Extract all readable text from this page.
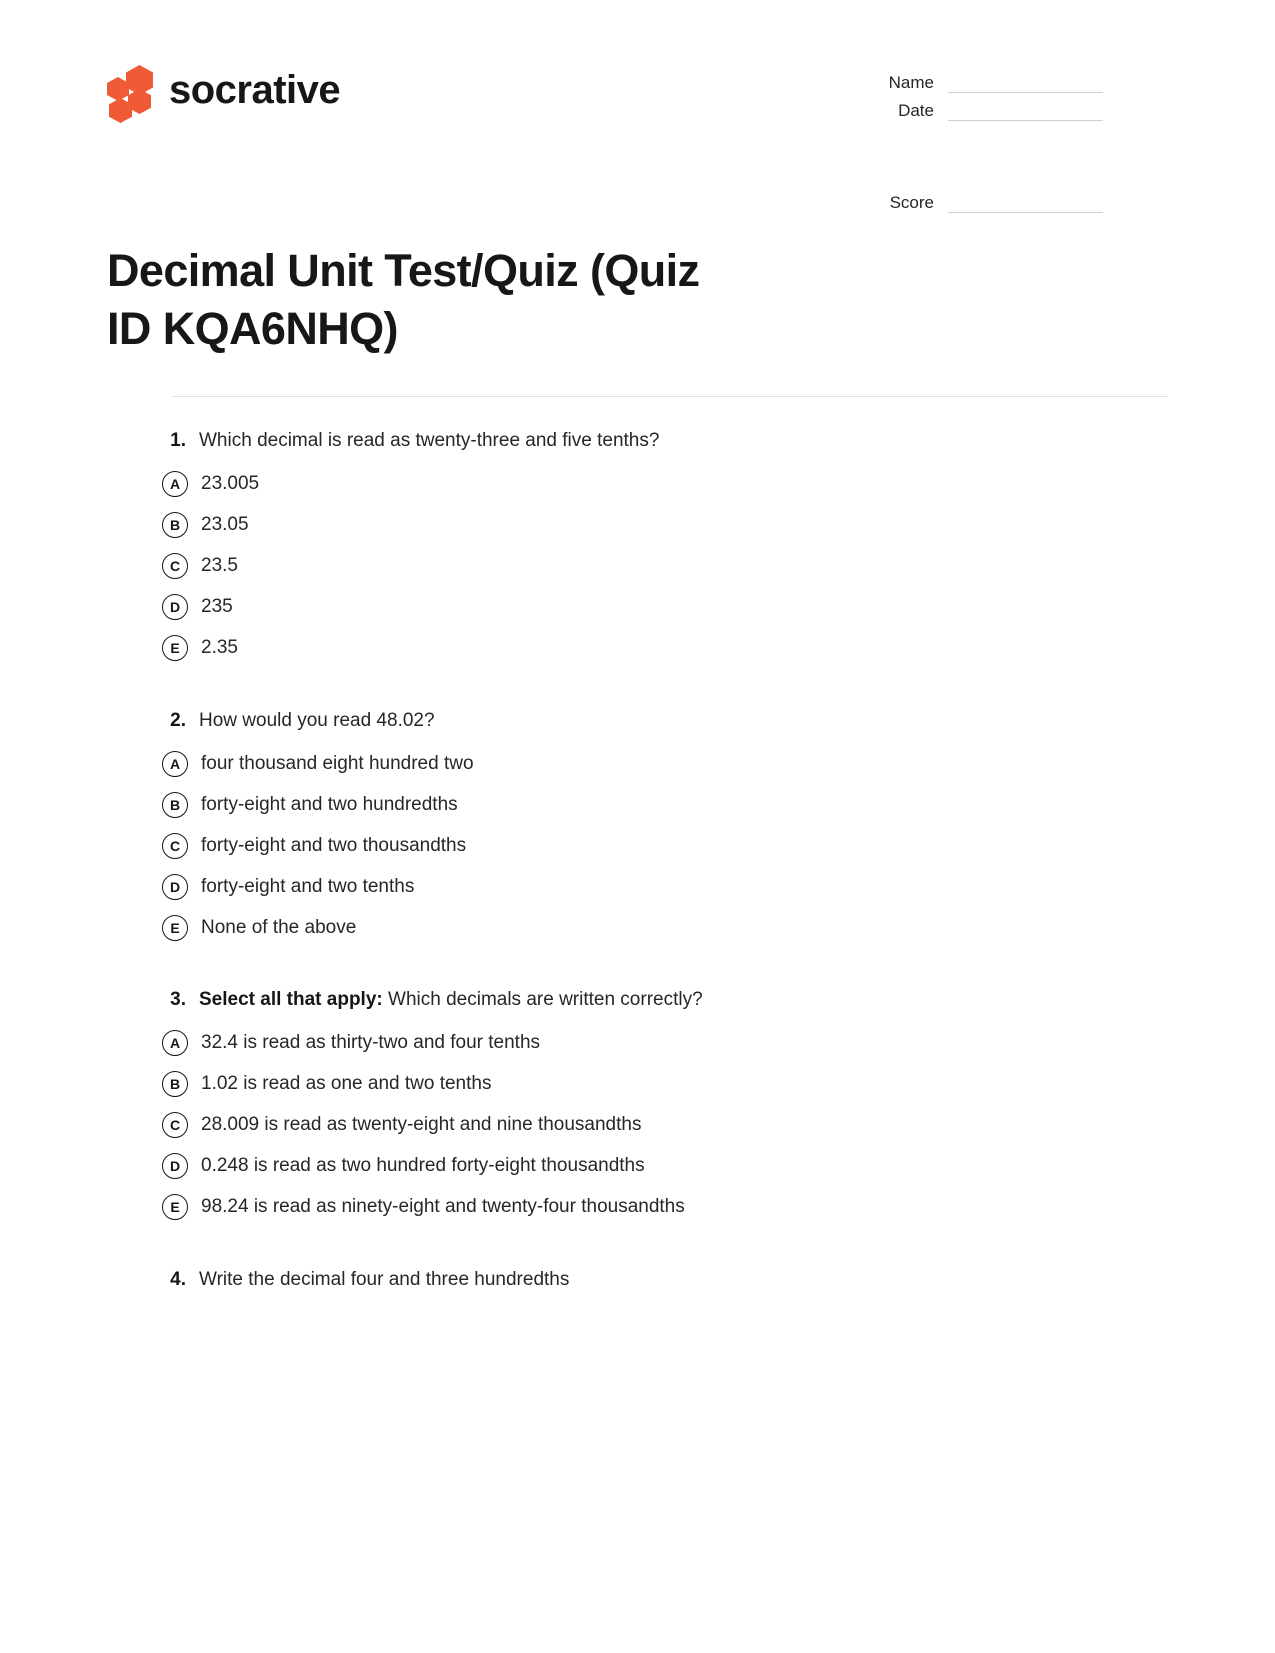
socrative	Name
Date
Score
Decimal Unit Test/Quiz (Quiz ID KQA6NHQ)
1. Which decimal is read as twenty-three and five tenths?
A	23.005
B	23.05
C	23.5
D	235
E	2.35
2. How would you read 48.02?
A	four thousand eight hundred two
B	forty-eight and two hundredths
C	forty-eight and two thousandths
D	forty-eight and two tenths
E	None of the above
3. Select all that apply: Which decimals are written correctly?
A	32.4 is read as thirty-two and four tenths
B	1.02 is read as one and two tenths
C	28.009 is read as twenty-eight and nine thousandths
D	0.248 is read as two hundred forty-eight thousandths
E	98.24 is read as ninety-eight and twenty-four thousandths
4. Write the decimal four and three hundredths
